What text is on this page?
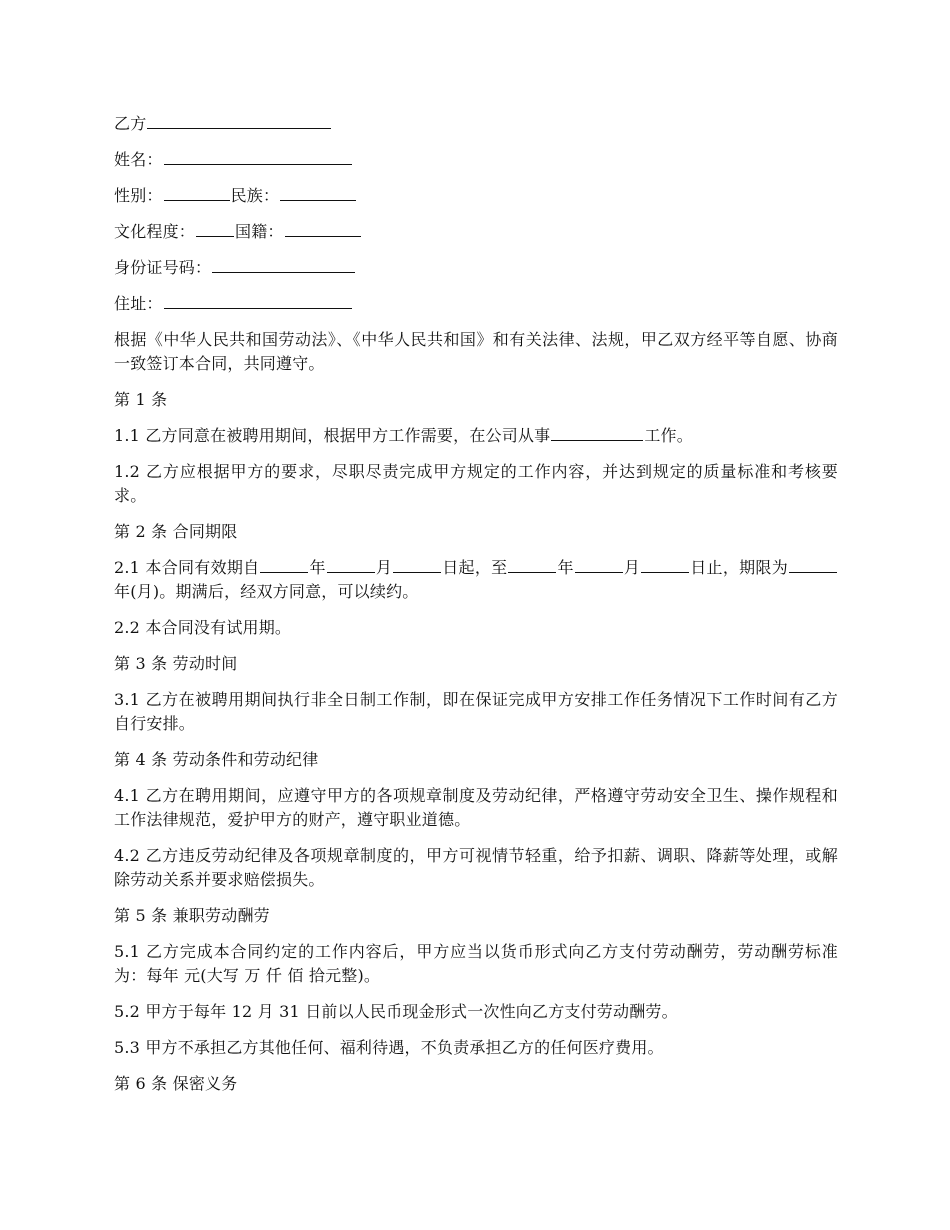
乙方
姓名：
性别：	民族：
文化程度：	国籍：
身份证号码：
住址：

根据《中华人民共和国劳动法》、《中华人民共和国》和有关法律、法规，甲乙双方经平等自愿、协商一致签订本合同，共同遵守。

第 1 条
1.1 乙方同意在被聘用期间，根据甲方工作需要，在公司从事	工作。

1.2 乙方应根据甲方的要求，尽职尽责完成甲方规定的工作内容，并达到规定的质量标准和考核要求。

第 2 条 合同期限

2.1 本合同有效期自	年	月	日起，至	年	月	日止，期限为年(月)。期满后，经双方同意，可以续约。

2.2 本合同没有试用期。

第 3 条 劳动时间

3.1 乙方在被聘用期间执行非全日制工作制，即在保证完成甲方安排工作任务情况下工作时间有乙方自行安排。

第 4 条 劳动条件和劳动纪律

4.1 乙方在聘用期间，应遵守甲方的各项规章制度及劳动纪律，严格遵守劳动安全卫生、操作规程和工作法律规范，爱护甲方的财产，遵守职业道德。

4.2 乙方违反劳动纪律及各项规章制度的，甲方可视情节轻重，给予扣薪、调职、降薪等处理，或解除劳动关系并要求赔偿损失。

第 5 条 兼职劳动酬劳

5.1 乙方完成本合同约定的工作内容后，甲方应当以货币形式向乙方支付劳动酬劳，劳动酬劳标准为：每年 元(大写 万 仟 佰 拾元整)。

5.2 甲方于每年 12 月 31 日前以人民币现金形式一次性向乙方支付劳动酬劳。

5.3 甲方不承担乙方其他任何、福利待遇，不负责承担乙方的任何医疗费用。

第 6 条 保密义务
